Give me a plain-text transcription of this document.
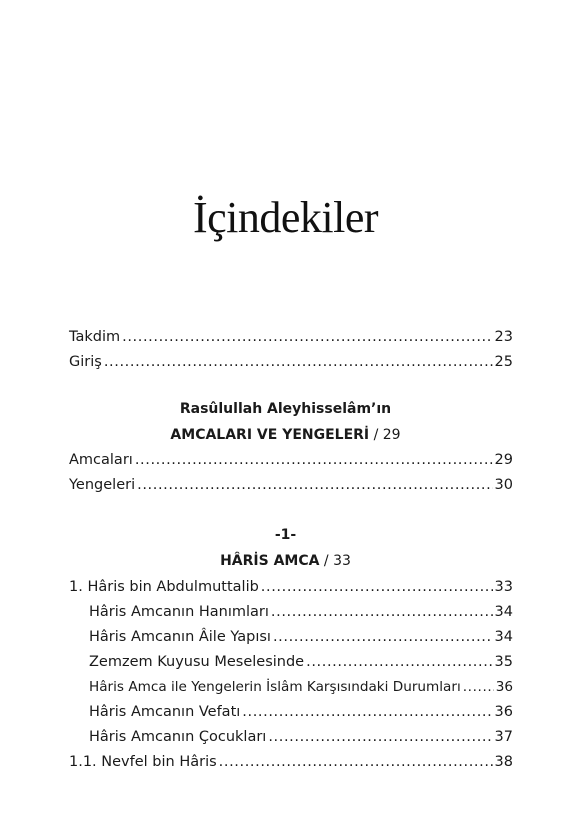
İçindekiler
Takdim .....	23
Giriş .....	25
Rasûlullah Aleyhisselâm’ın
AMCALARI VE YENGELERİ / 29
Amcaları .....	29
Yengeleri .....	30
-1-
HÂRİS AMCA / 33
1. Hâris bin Abdulmuttalib .....	33
Hâris Amcanın Hanımları .....	34
Hâris Amcanın Âile Yapısı .....	34
Zemzem Kuyusu Meselesinde .....	35
Hâris Amca ile Yengelerin İslâm Karşısındaki Durumları .....	36
Hâris Amcanın Vefatı .....	36
Hâris Amcanın Çocukları .....	37
1.1. Nevfel bin Hâris .....	38
